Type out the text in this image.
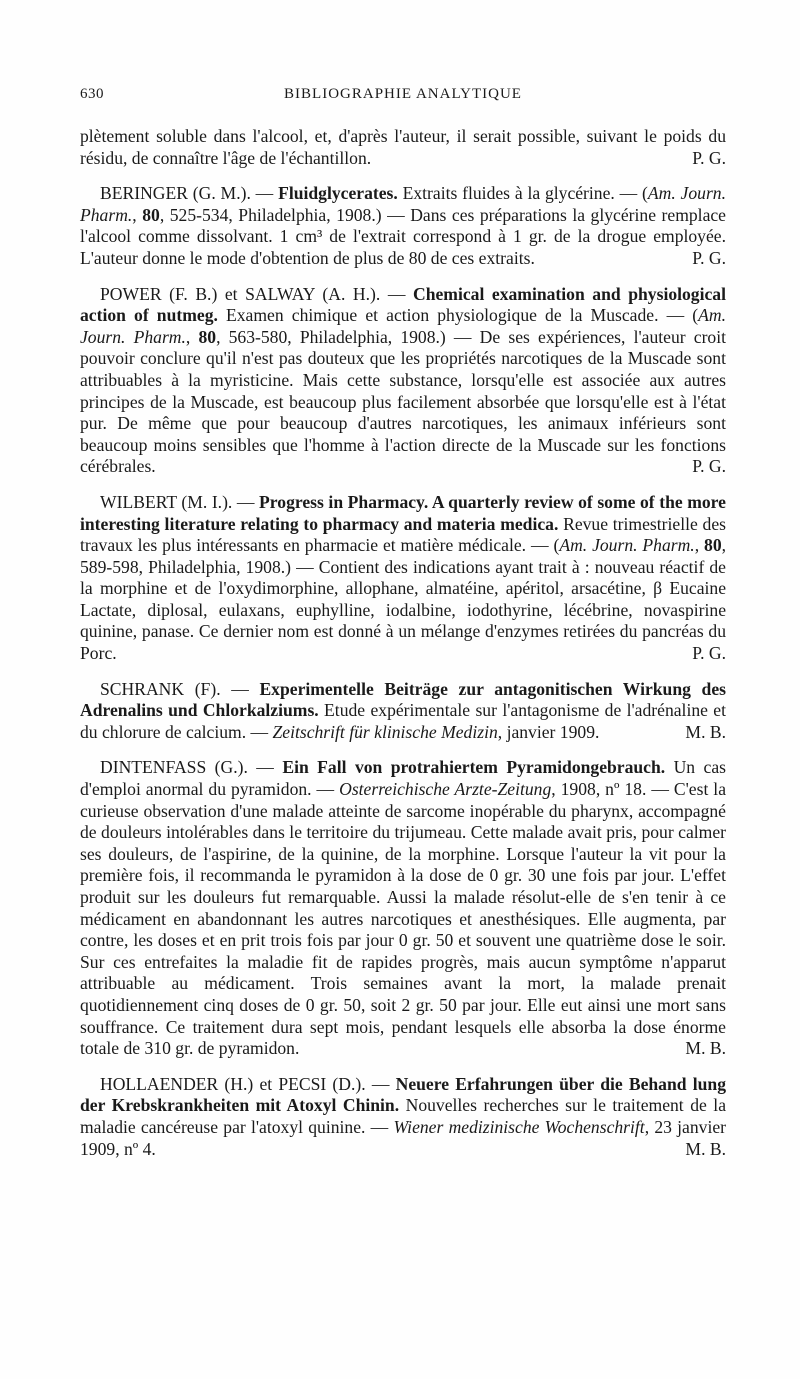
630	BIBLIOGRAPHIE ANALYTIQUE

plètement soluble dans l'alcool, et, d'après l'auteur, il serait possible, suivant le poids du résidu, de connaître l'âge de l'échantillon.	P. G.

BERINGER (G. M.). — Fluidglycerates. Extraits fluides à la glycérine. — (Am. Journ. Pharm., 80, 525-534, Philadelphia, 1908.) — Dans ces préparations la glycérine remplace l'alcool comme dissolvant. 1 cm³ de l'extrait correspond à 1 gr. de la drogue employée. L'auteur donne le mode d'obtention de plus de 80 de ces extraits.	P. G.

POWER (F. B.) et SALWAY (A. H.). — Chemical examination and physiological action of nutmeg. Examen chimique et action physiologique de la Muscade. — (Am. Journ. Pharm., 80, 563-580, Philadelphia, 1908.) — De ses expériences, l'auteur croit pouvoir conclure qu'il n'est pas douteux que les propriétés narcotiques de la Muscade sont attribuables à la myristicine. Mais cette substance, lorsqu'elle est associée aux autres principes de la Muscade, est beaucoup plus facilement absorbée que lorsqu'elle est à l'état pur. De même que pour beaucoup d'autres narcotiques, les animaux inférieurs sont beaucoup moins sensibles que l'homme à l'action directe de la Muscade sur les fonctions cérébrales.	P. G.

WILBERT (M. I.). — Progress in Pharmacy. A quarterly review of some of the more interesting literature relating to pharmacy and materia medica. Revue trimestrielle des travaux les plus intéressants en pharmacie et matière médicale. — (Am. Journ. Pharm., 80, 589-598, Philadelphia, 1908.) — Contient des indications ayant trait à : nouveau réactif de la morphine et de l'oxydimorphine, allophane, almatéine, apéritol, arsacétine, β Eucaine Lactate, diplosal, eulaxans, euphylline, iodalbine, iodothyrine, lécébrine, novaspirine quinine, panase. Ce dernier nom est donné à un mélange d'enzymes retirées du pancréas du Porc.	P. G.

SCHRANK (F). — Experimentelle Beiträge zur antagonitischen Wirkung des Adrenalins und Chlorkalziums. Etude expérimentale sur l'antagonisme de l'adrénaline et du chlorure de calcium. — Zeitschrift für klinische Medizin, janvier 1909.	M. B.

DINTENFASS (G.). — Ein Fall von protrahiertem Pyramidongebrauch. Un cas d'emploi anormal du pyramidon. — Osterreichische Arzte-Zeitung, 1908, nº 18. — C'est la curieuse observation d'une malade atteinte de sarcome inopérable du pharynx, accompagné de douleurs intolérables dans le territoire du trijumeau. Cette malade avait pris, pour calmer ses douleurs, de l'aspirine, de la quinine, de la morphine. Lorsque l'auteur la vit pour la première fois, il recommanda le pyramidon à la dose de 0 gr. 30 une fois par jour. L'effet produit sur les douleurs fut remarquable. Aussi la malade résolut-elle de s'en tenir à ce médicament en abandonnant les autres narcotiques et anesthésiques. Elle augmenta, par contre, les doses et en prit trois fois par jour 0 gr. 50 et souvent une quatrième dose le soir. Sur ces entrefaites la maladie fit de rapides progrès, mais aucun symptôme n'apparut attribuable au médicament. Trois semaines avant la mort, la malade prenait quotidiennement cinq doses de 0 gr. 50, soit 2 gr. 50 par jour. Elle eut ainsi une mort sans souffrance. Ce traitement dura sept mois, pendant lesquels elle absorba la dose énorme totale de 310 gr. de pyramidon.	M. B.

HOLLAENDER (H.) et PECSI (D.). — Neuere Erfahrungen über die Behand lung der Krebskrankheiten mit Atoxyl Chinin. Nouvelles recherches sur le traitement de la maladie cancéreuse par l'atoxyl quinine. — Wiener medizinische Wochenschrift, 23 janvier 1909, nº 4.	M. B.
